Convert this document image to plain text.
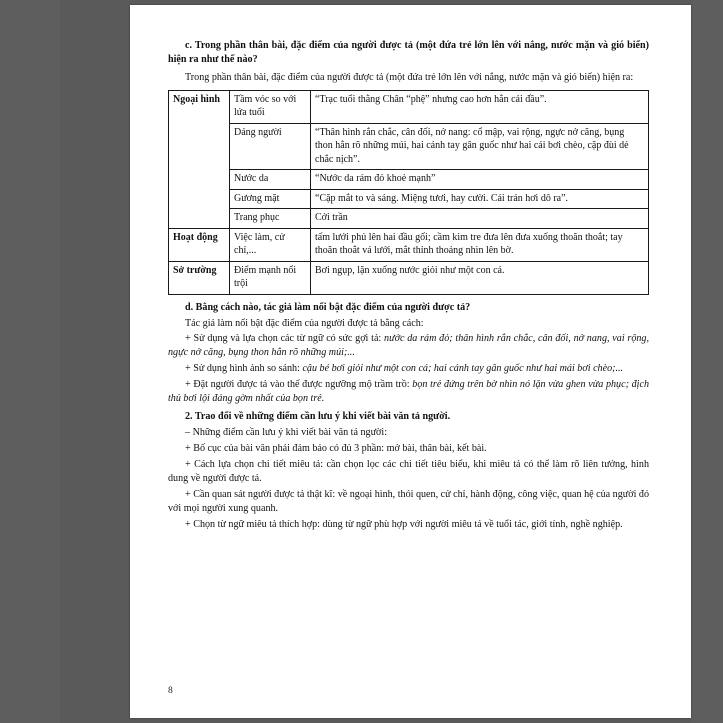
c. Trong phần thân bài, đặc điểm của người được tả (một đứa trẻ lớn lên với nắng, nước mặn và gió biển) hiện ra như thế nào?

Trong phần thân bài, đặc điểm của người được tả (một đứa trẻ lớn lên với nắng, nước mặn và gió biển) hiện ra:

Ngoại hình	Tầm vóc so với lứa tuổi	“Trạc tuổi thằng Chân “phệ” nhưng cao hơn hẳn cái đầu”.
	Dáng người	“Thân hình rắn chắc, cân đối, nở nang: cổ mập, vai rộng, ngực nở căng, bụng thon hẳn rõ những múi, hai cánh tay gân guốc như hai cái bơi chèo, cặp đùi dẻ chắc nịch”.
	Nước da	“Nước da rám đỏ khoẻ mạnh”
	Gương mặt	“Cặp mắt to và sáng. Miệng tươi, hay cười. Cái trán hơi dô ra”.
	Trang phục	Cởi trần
Hoạt động	Việc làm, cử chỉ,...	tấm lưới phủ lên hai đầu gối; cầm kim tre đưa lên đưa xuống thoăn thoắt; tay thoăn thoắt vá lưới, mắt thỉnh thoảng nhìn lên bờ.
Sở trường	Điểm mạnh nổi trội	Bơi ngụp, lặn xuống nước giỏi như một con cá.

d. Bằng cách nào, tác giả làm nổi bật đặc điểm của người được tả?

Tác giả làm nổi bật đặc điểm của người được tả bằng cách:

+ Sử dụng và lựa chọn các từ ngữ có sức gợi tả: nước da rám đỏ; thân hình rắn chắc, cân đối, nở nang, vai rộng, ngực nở căng, bụng thon hẳn rõ những múi;...

+ Sử dụng hình ảnh so sánh: cậu bé bơi giỏi như một con cá; hai cánh tay gân guốc như hai mái bơi chèo;...

+ Đặt người được tả vào thế được ngưỡng mộ trầm trồ: bọn trẻ đứng trên bờ nhìn nó lặn vừa ghen vừa phục; địch thủ bơi lội đáng gờm nhất của bọn trẻ.

2. Trao đổi về những điểm cần lưu ý khi viết bài văn tả người.

– Những điểm cần lưu ý khi viết bài văn tả người:

+ Bố cục của bài văn phải đảm bảo có đủ 3 phần: mở bài, thân bài, kết bài.

+ Cách lựa chọn chi tiết miêu tả: cần chọn lọc các chi tiết tiêu biểu, khi miêu tả có thể làm rõ liên tưởng, hình dung về người được tả.

+ Cần quan sát người được tả thật kĩ: về ngoại hình, thói quen, cử chỉ, hành động, công việc, quan hệ của người đó với mọi người xung quanh.

+ Chọn từ ngữ miêu tả thích hợp: dùng từ ngữ phù hợp với người miêu tả về tuổi tác, giới tính, nghề nghiệp.

8
